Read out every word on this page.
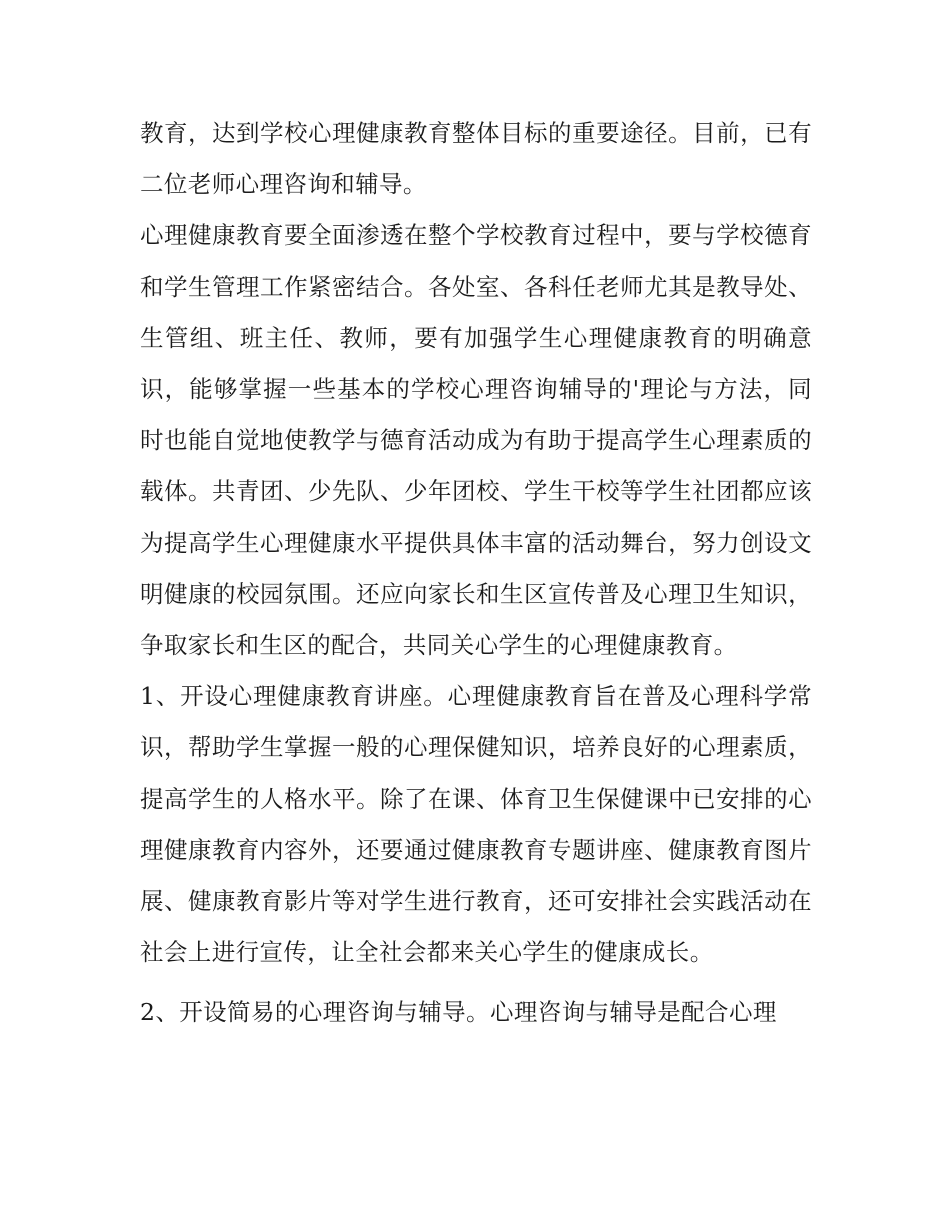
教育，达到学校心理健康教育整体目标的重要途径。目前，已有二位老师心理咨询和辅导。

心理健康教育要全面渗透在整个学校教育过程中，要与学校德育和学生管理工作紧密结合。各处室、各科任老师尤其是教导处、生管组、班主任、教师，要有加强学生心理健康教育的明确意识，能够掌握一些基本的学校心理咨询辅导的'理论与方法，同时也能自觉地使教学与德育活动成为有助于提高学生心理素质的载体。共青团、少先队、少年团校、学生干校等学生社团都应该为提高学生心理健康水平提供具体丰富的活动舞台，努力创设文明健康的校园氛围。还应向家长和生区宣传普及心理卫生知识，争取家长和生区的配合，共同关心学生的心理健康教育。

1、开设心理健康教育讲座。心理健康教育旨在普及心理科学常识，帮助学生掌握一般的心理保健知识，培养良好的心理素质，提高学生的人格水平。除了在课、体育卫生保健课中已安排的心理健康教育内容外，还要通过健康教育专题讲座、健康教育图片展、健康教育影片等对学生进行教育，还可安排社会实践活动在社会上进行宣传，让全社会都来关心学生的健康成长。

2、开设简易的心理咨询与辅导。心理咨询与辅导是配合心理
